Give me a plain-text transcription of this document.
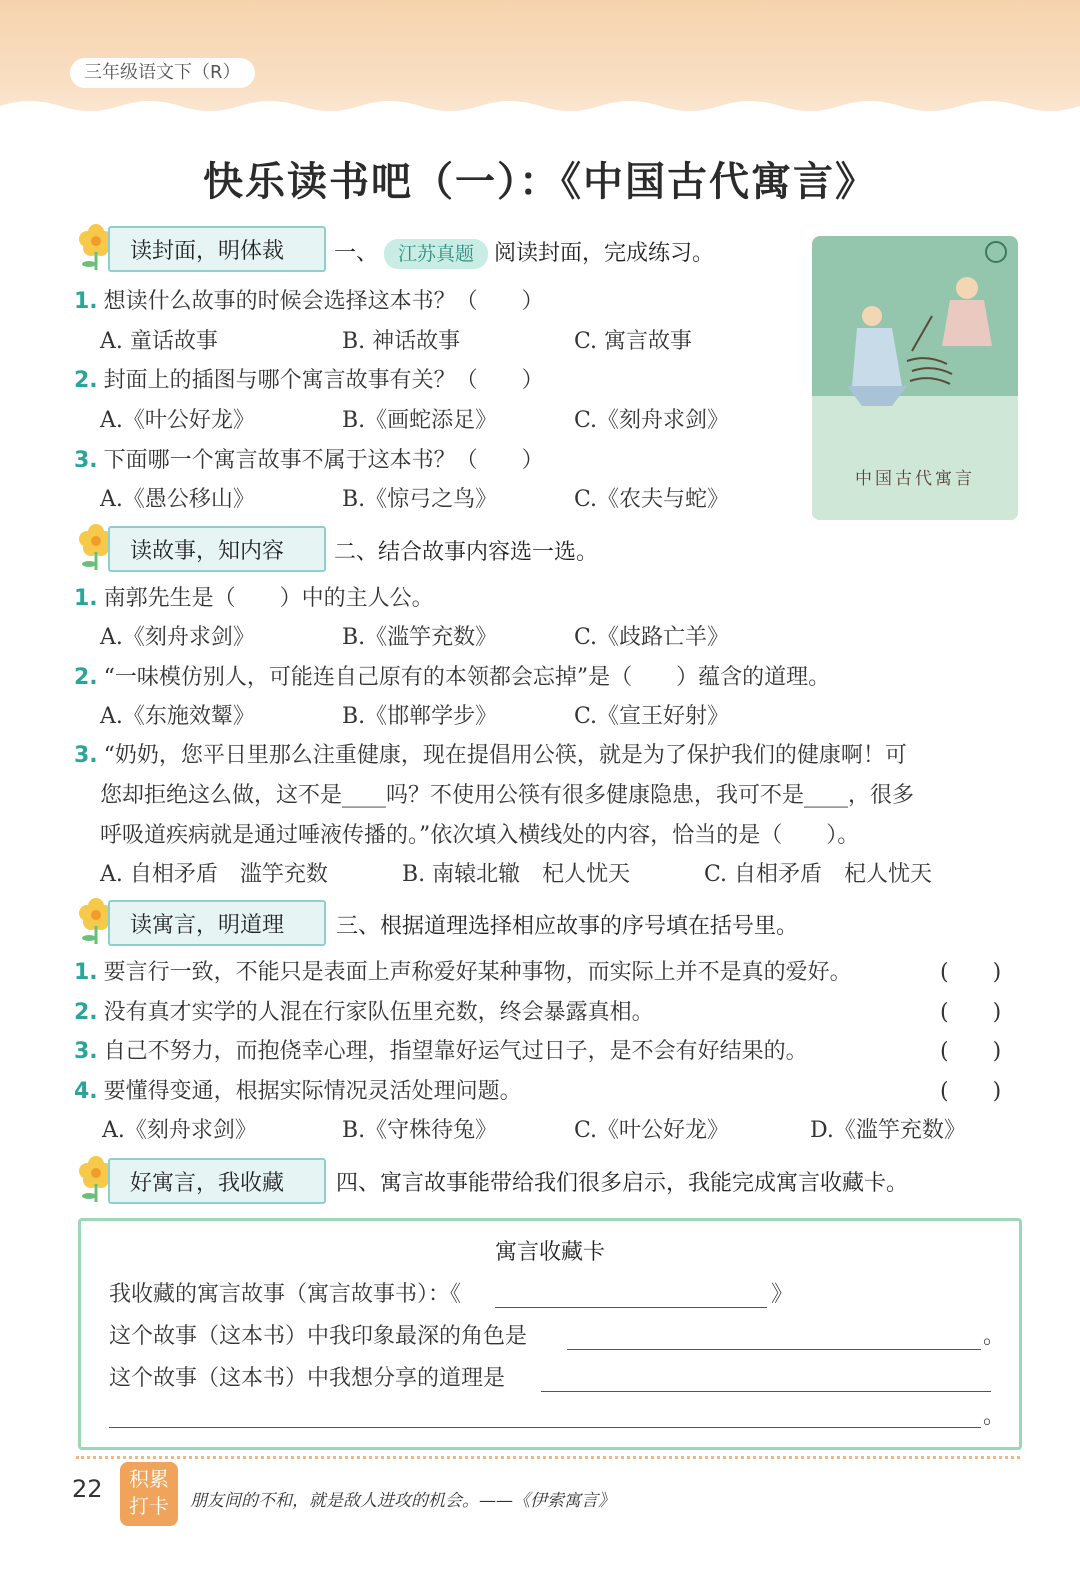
三年级语文下（R）
快乐读书吧（一）：《中国古代寓言》
读封面，明体裁 一、 江苏真题 阅读封面，完成练习。
1. 想读什么故事的时候会选择这本书？（　　）
A. 童话故事	B. 神话故事	C. 寓言故事
2. 封面上的插图与哪个寓言故事有关？（　　）
A.《叶公好龙》	B.《画蛇添足》	C.《刻舟求剑》
3. 下面哪一个寓言故事不属于这本书？（　　）
A.《愚公移山》	B.《惊弓之鸟》	C.《农夫与蛇》
中国古代寓言
读故事，知内容 二、结合故事内容选一选。
1. 南郭先生是（　　）中的主人公。
A.《刻舟求剑》	B.《滥竽充数》	C.《歧路亡羊》
2. “一味模仿别人，可能连自己原有的本领都会忘掉”是（　　）蕴含的道理。
A.《东施效颦》	B.《邯郸学步》	C.《宣王好射》
3. “奶奶，您平日里那么注重健康，现在提倡用公筷，就是为了保护我们的健康啊！可
您却拒绝这么做，这不是____吗？不使用公筷有很多健康隐患，我可不是____，很多
呼吸道疾病就是通过唾液传播的。”依次填入横线处的内容，恰当的是（　　）。
A. 自相矛盾　滥竽充数	B. 南辕北辙　杞人忧天	C. 自相矛盾　杞人忧天
读寓言，明道理 三、根据道理选择相应故事的序号填在括号里。
1. 要言行一致，不能只是表面上声称爱好某种事物，而实际上并不是真的爱好。	(　　)
2. 没有真才实学的人混在行家队伍里充数，终会暴露真相。	(　　)
3. 自己不努力，而抱侥幸心理，指望靠好运气过日子，是不会有好结果的。	(　　)
4. 要懂得变通，根据实际情况灵活处理问题。	(　　)
A.《刻舟求剑》	B.《守株待兔》	C.《叶公好龙》	D.《滥竽充数》
好寓言，我收藏 四、寓言故事能带给我们很多启示，我能完成寓言收藏卡。
寓言收藏卡
我收藏的寓言故事（寓言故事书）：《	》
这个故事（这本书）中我印象最深的角色是	。
这个故事（这本书）中我想分享的道理是
。
22	积累
打卡	朋友间的不和，就是敌人进攻的机会。——《伊索寓言》
